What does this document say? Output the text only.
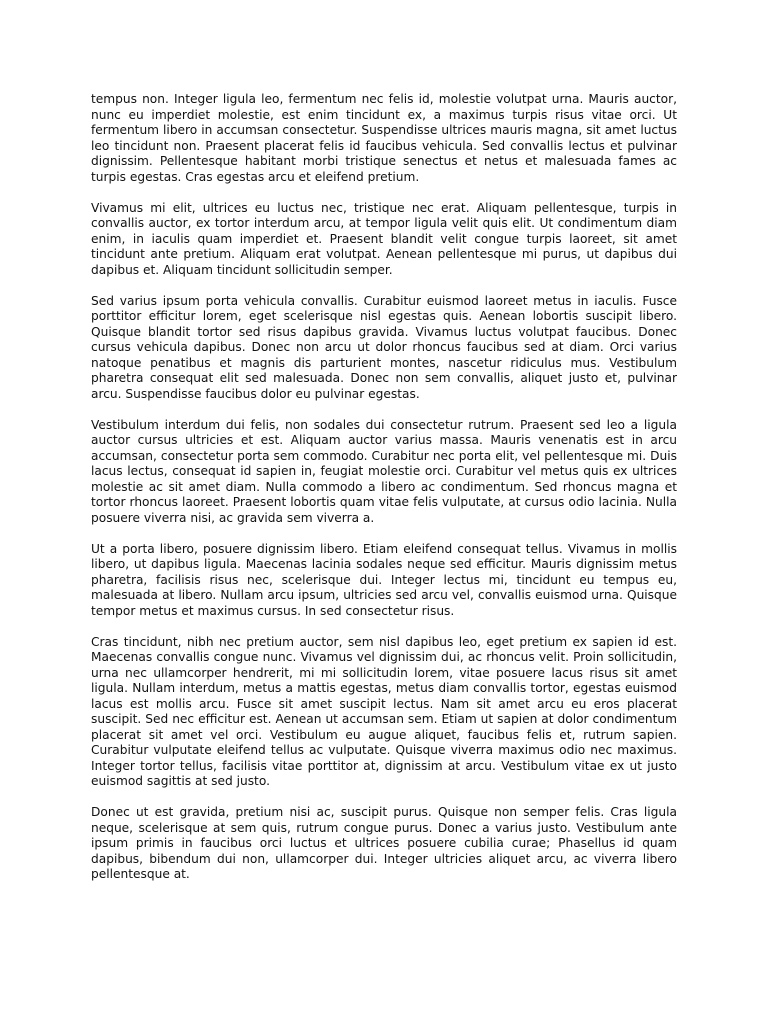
tempus non. Integer ligula leo, fermentum nec felis id, molestie volutpat urna. Mauris auctor, nunc eu imperdiet molestie, est enim tincidunt ex, a maximus turpis risus vitae orci. Ut fermentum libero in accumsan consectetur. Suspendisse ultrices mauris magna, sit amet luctus leo tincidunt non. Praesent placerat felis id faucibus vehicula. Sed convallis lectus et pulvinar dignissim. Pellentesque habitant morbi tristique senectus et netus et malesuada fames ac turpis egestas. Cras egestas arcu et eleifend pretium.

Vivamus mi elit, ultrices eu luctus nec, tristique nec erat. Aliquam pellentesque, turpis in convallis auctor, ex tortor interdum arcu, at tempor ligula velit quis elit. Ut condimentum diam enim, in iaculis quam imperdiet et. Praesent blandit velit congue turpis laoreet, sit amet tincidunt ante pretium. Aliquam erat volutpat. Aenean pellentesque mi purus, ut dapibus dui dapibus et. Aliquam tincidunt sollicitudin semper.

Sed varius ipsum porta vehicula convallis. Curabitur euismod laoreet metus in iaculis. Fusce porttitor efficitur lorem, eget scelerisque nisl egestas quis. Aenean lobortis suscipit libero. Quisque blandit tortor sed risus dapibus gravida. Vivamus luctus volutpat faucibus. Donec cursus vehicula dapibus. Donec non arcu ut dolor rhoncus faucibus sed at diam. Orci varius natoque penatibus et magnis dis parturient montes, nascetur ridiculus mus. Vestibulum pharetra consequat elit sed malesuada. Donec non sem convallis, aliquet justo et, pulvinar arcu. Suspendisse faucibus dolor eu pulvinar egestas.

Vestibulum interdum dui felis, non sodales dui consectetur rutrum. Praesent sed leo a ligula auctor cursus ultricies et est. Aliquam auctor varius massa. Mauris venenatis est in arcu accumsan, consectetur porta sem commodo. Curabitur nec porta elit, vel pellentesque mi. Duis lacus lectus, consequat id sapien in, feugiat molestie orci. Curabitur vel metus quis ex ultrices molestie ac sit amet diam. Nulla commodo a libero ac condimentum. Sed rhoncus magna et tortor rhoncus laoreet. Praesent lobortis quam vitae felis vulputate, at cursus odio lacinia. Nulla posuere viverra nisi, ac gravida sem viverra a.

Ut a porta libero, posuere dignissim libero. Etiam eleifend consequat tellus. Vivamus in mollis libero, ut dapibus ligula. Maecenas lacinia sodales neque sed efficitur. Mauris dignissim metus pharetra, facilisis risus nec, scelerisque dui. Integer lectus mi, tincidunt eu tempus eu, malesuada at libero. Nullam arcu ipsum, ultricies sed arcu vel, convallis euismod urna. Quisque tempor metus et maximus cursus. In sed consectetur risus.

Cras tincidunt, nibh nec pretium auctor, sem nisl dapibus leo, eget pretium ex sapien id est. Maecenas convallis congue nunc. Vivamus vel dignissim dui, ac rhoncus velit. Proin sollicitudin, urna nec ullamcorper hendrerit, mi mi sollicitudin lorem, vitae posuere lacus risus sit amet ligula. Nullam interdum, metus a mattis egestas, metus diam convallis tortor, egestas euismod lacus est mollis arcu. Fusce sit amet suscipit lectus. Nam sit amet arcu eu eros placerat suscipit. Sed nec efficitur est. Aenean ut accumsan sem. Etiam ut sapien at dolor condimentum placerat sit amet vel orci. Vestibulum eu augue aliquet, faucibus felis et, rutrum sapien. Curabitur vulputate eleifend tellus ac vulputate. Quisque viverra maximus odio nec maximus. Integer tortor tellus, facilisis vitae porttitor at, dignissim at arcu. Vestibulum vitae ex ut justo euismod sagittis at sed justo.

Donec ut est gravida, pretium nisi ac, suscipit purus. Quisque non semper felis. Cras ligula neque, scelerisque at sem quis, rutrum congue purus. Donec a varius justo. Vestibulum ante ipsum primis in faucibus orci luctus et ultrices posuere cubilia curae; Phasellus id quam dapibus, bibendum dui non, ullamcorper dui. Integer ultricies aliquet arcu, ac viverra libero pellentesque at.
